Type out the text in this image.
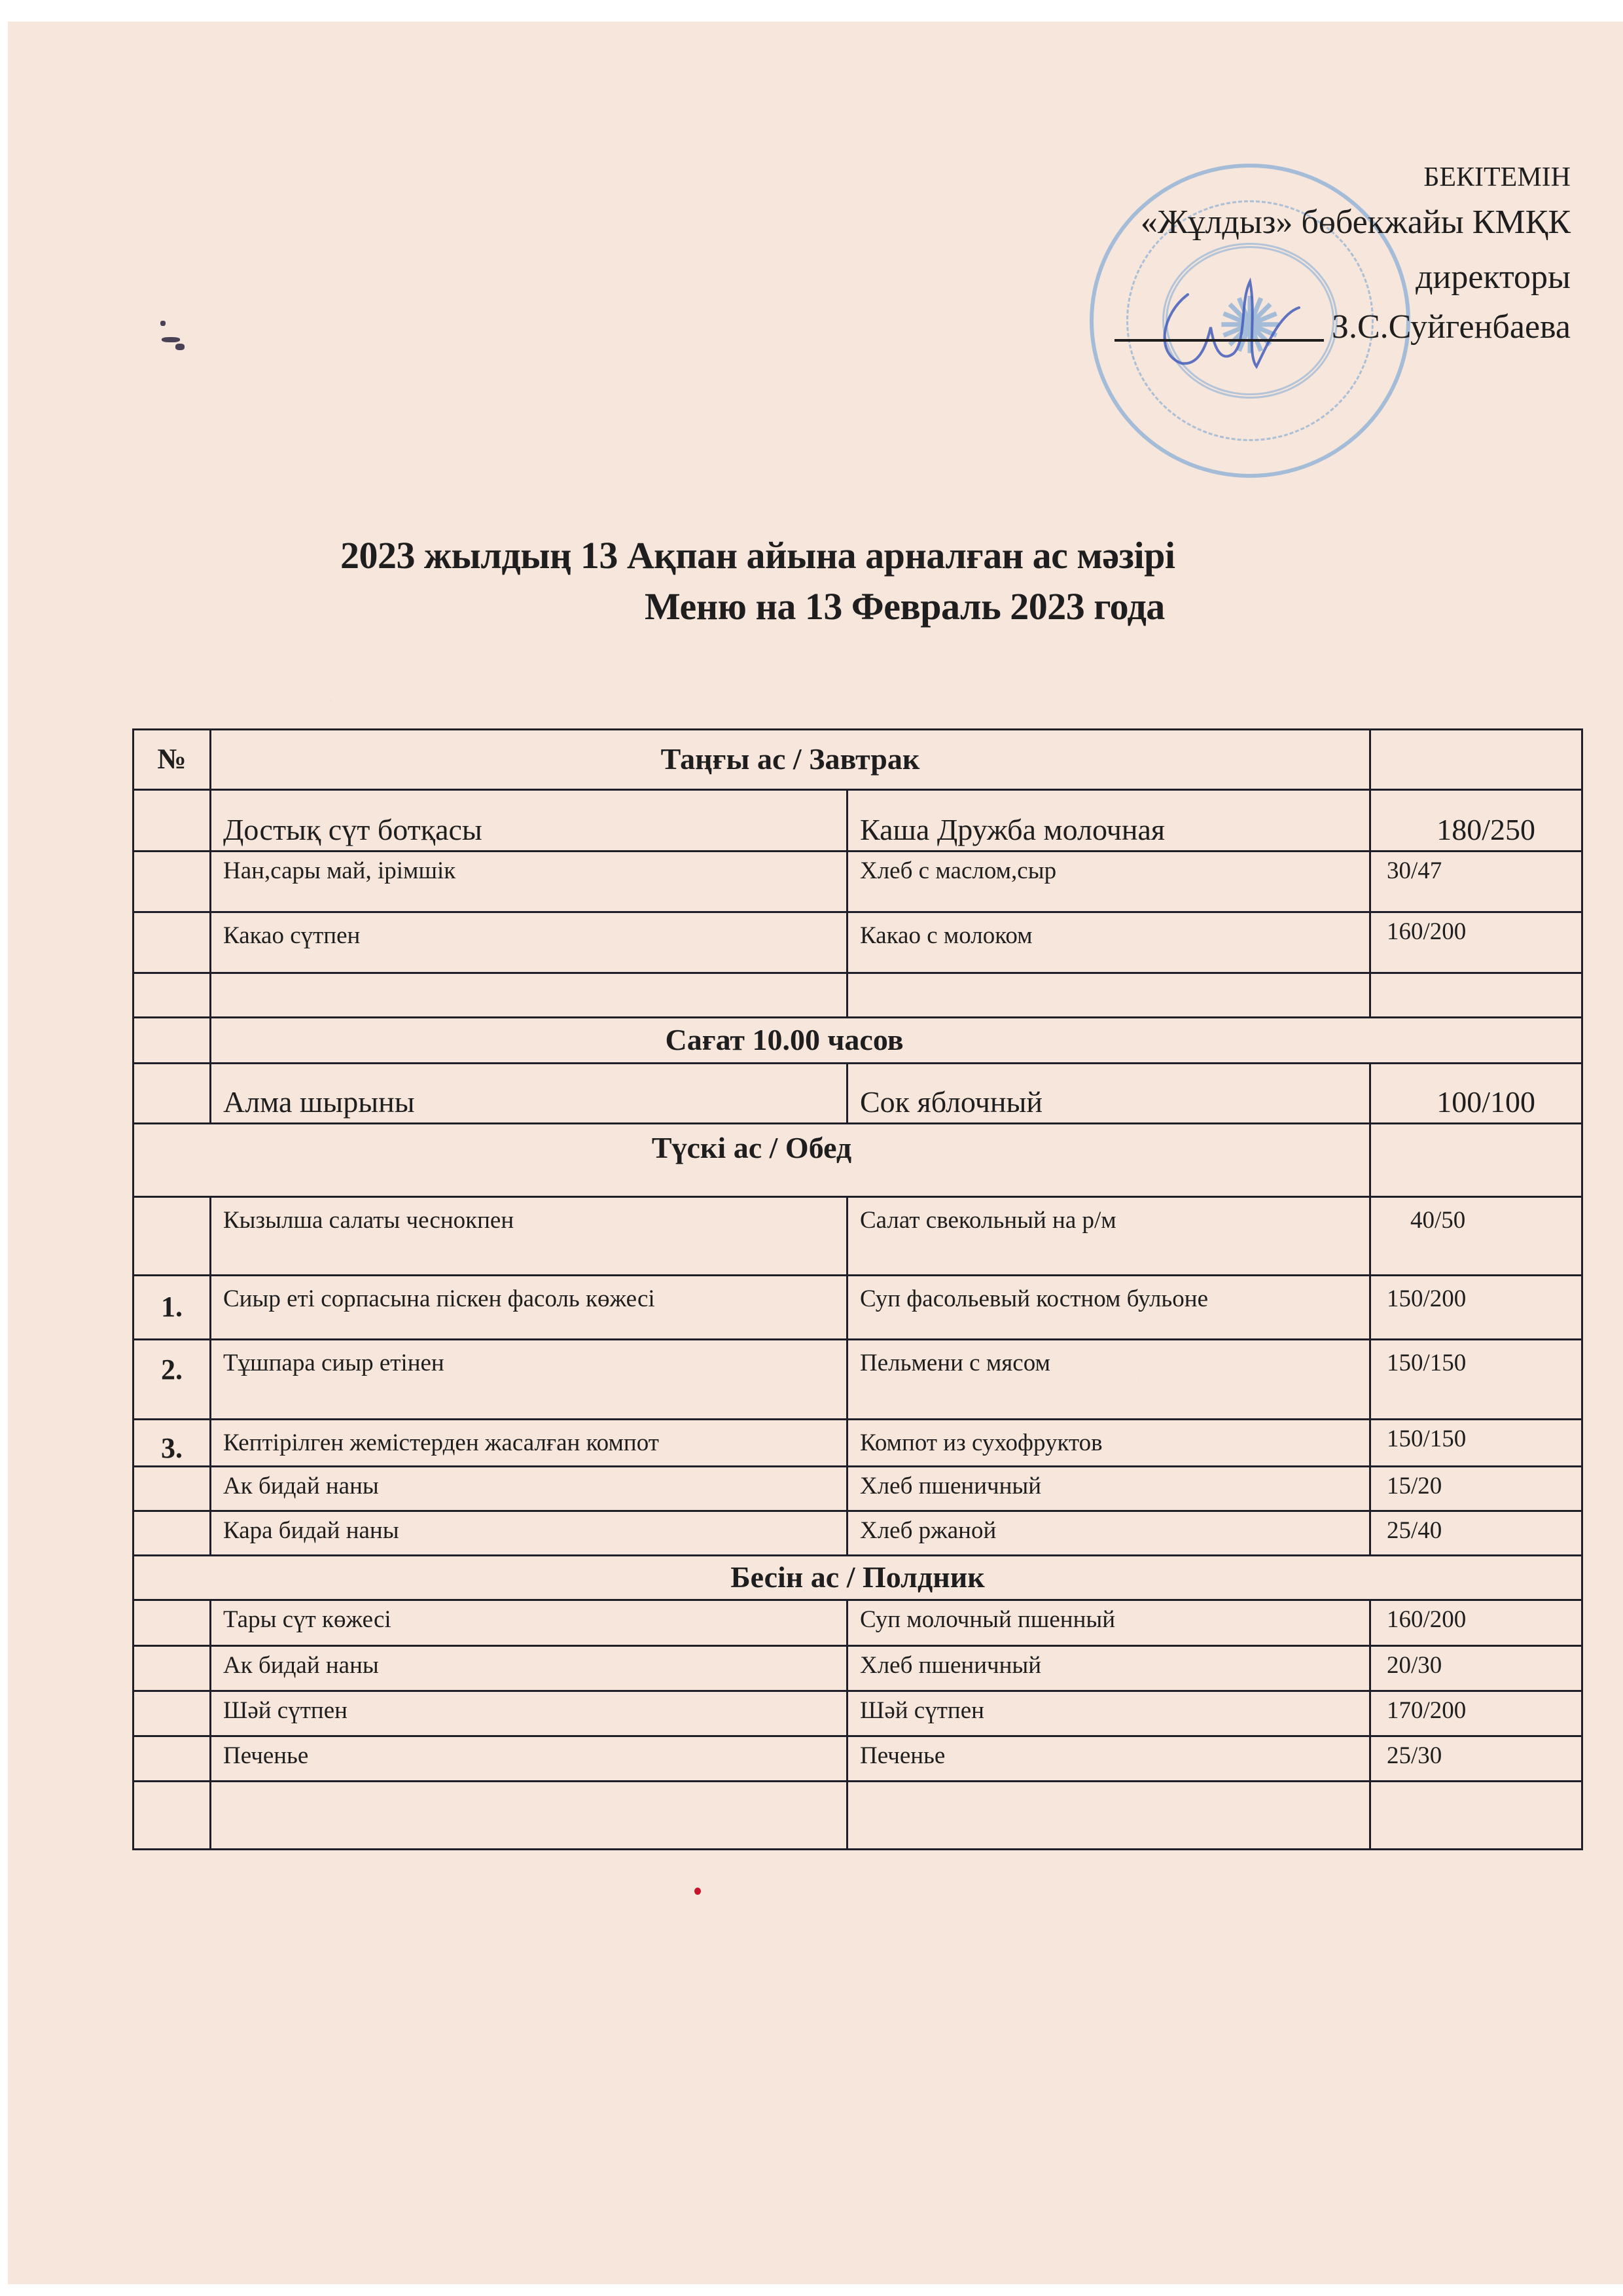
✺
БЕКІТЕМІН
«Жұлдыз» бөбекжайы КМҚК
директоры
З.С.Суйгенбаева
2023 жылдың 13 Ақпан айына арналған ас мәзірі
Меню на 13 Февраль 2023 года
№	Таңғы ас / Завтрак		
	Достық сүт ботқасы	Каша Дружба молочная	180/250
	Нан,сары май, ірімшік	Хлеб с маслом,сыр	30/47
	Какао сүтпен	Какао с молоком	160/200

	Сағат 10.00 часов		
	Алма шырыны	Сок яблочный	100/100
Түскі ас / Обед			
	Кызылша салаты чеснокпен	Салат свекольный на р/м	40/50
1.	Сиыр еті сорпасына піскен фасоль көжесі	Суп фасольевый костном бульоне	150/200
2.	Тұшпара сиыр етінен	Пельмени с мясом	150/150
3.	Кептірілген жемістерден жасалған компот	Компот из сухофруктов	150/150
	Ак бидай наны	Хлеб пшеничный	15/20
	Кара бидай наны	Хлеб ржаной	25/40
Бесін ас / Полдник			
	Тары сүт көжесі	Суп молочный пшенный	160/200
	Ак бидай наны	Хлеб пшеничный	20/30
	Шәй сүтпен	Шәй сүтпен	170/200
	Печенье	Печенье	25/30
